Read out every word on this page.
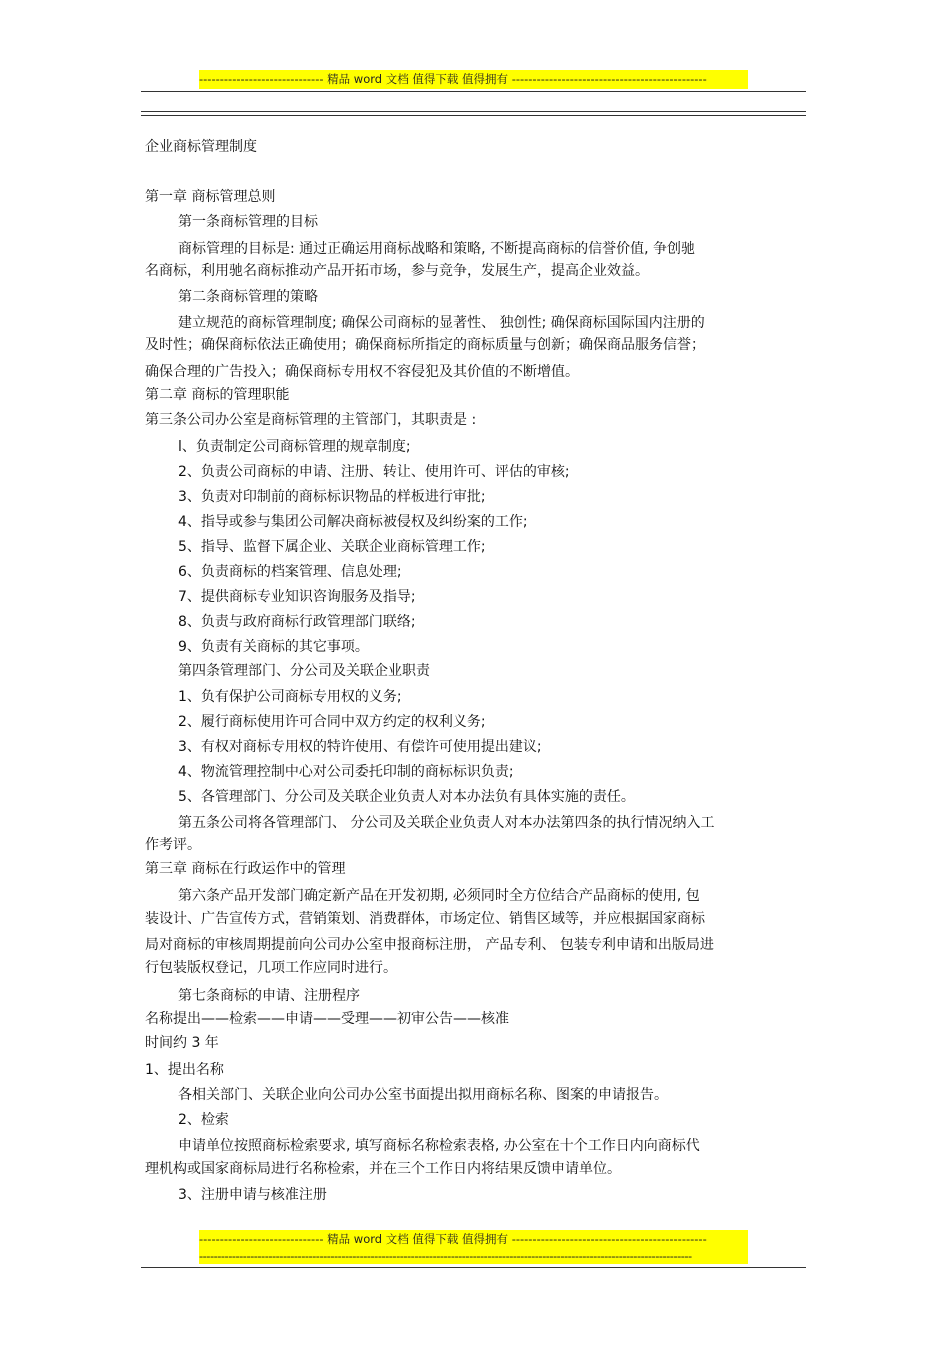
------------------------------ 精品 word 文档 值得下载 值得拥有 -----------------------------------------------
企业商标管理制度
第一章 商标管理总则
第一条商标管理的目标
商标管理的目标是: 通过正确运用商标战略和策略, 不断提高商标的信誉价值, 争创驰
名商标，利用驰名商标推动产品开拓市场，参与竞争，发展生产，提高企业效益。
第二条商标管理的策略
建立规范的商标管理制度; 确保公司商标的显著性、 独创性; 确保商标国际国内注册的
及时性；确保商标依法正确使用；确保商标所指定的商标质量与创新；确保商品服务信誉；
确保合理的广告投入；确保商标专用权不容侵犯及其价值的不断增值。
第二章 商标的管理职能
第三条公司办公室是商标管理的主管部门，其职责是 :
l、负责制定公司商标管理的规章制度;
2、负责公司商标的申请、注册、转让、使用许可、评估的审核;
3、负责对印制前的商标标识物品的样板进行审批;
4、指导或参与集团公司解决商标被侵权及纠纷案的工作;
5、指导、监督下属企业、关联企业商标管理工作;
6、负责商标的档案管理、信息处理;
7、提供商标专业知识咨询服务及指导;
8、负责与政府商标行政管理部门联络;
9、负责有关商标的其它事项。
第四条管理部门、分公司及关联企业职责
1、负有保护公司商标专用权的义务;
2、履行商标使用许可合同中双方约定的权利义务;
3、有权对商标专用权的特许使用、有偿许可使用提出建议;
4、物流管理控制中心对公司委托印制的商标标识负责;
5、各管理部门、分公司及关联企业负责人对本办法负有具体实施的责任。
第五条公司将各管理部门、 分公司及关联企业负责人对本办法第四条的执行情况纳入工
作考评。
第三章 商标在行政运作中的管理
第六条产品开发部门确定新产品在开发初期, 必须同时全方位结合产品商标的使用, 包
装设计、广告宣传方式，营销策划、消费群体，市场定位、销售区域等，并应根据国家商标
局对商标的审核周期提前向公司办公室申报商标注册， 产品专利、 包装专利申请和出版局进
行包装版权登记，几项工作应同时进行。
第七条商标的申请、注册程序
名称提出——检索——申请——受理——初审公告——核准
时间约 3 年
1、提出名称
各相关部门、关联企业向公司办公室书面提出拟用商标名称、图案的申请报告。
2、检索
申请单位按照商标检索要求, 填写商标名称检索表格, 办公室在十个工作日内向商标代
理机构或国家商标局进行名称检索，并在三个工作日内将结果反馈申请单位。
3、注册申请与核准注册
------------------------------ 精品 word 文档 值得下载 值得拥有 -----------------------------------------------
---------------------------------------------------------------------------------------------------------------------------------------
